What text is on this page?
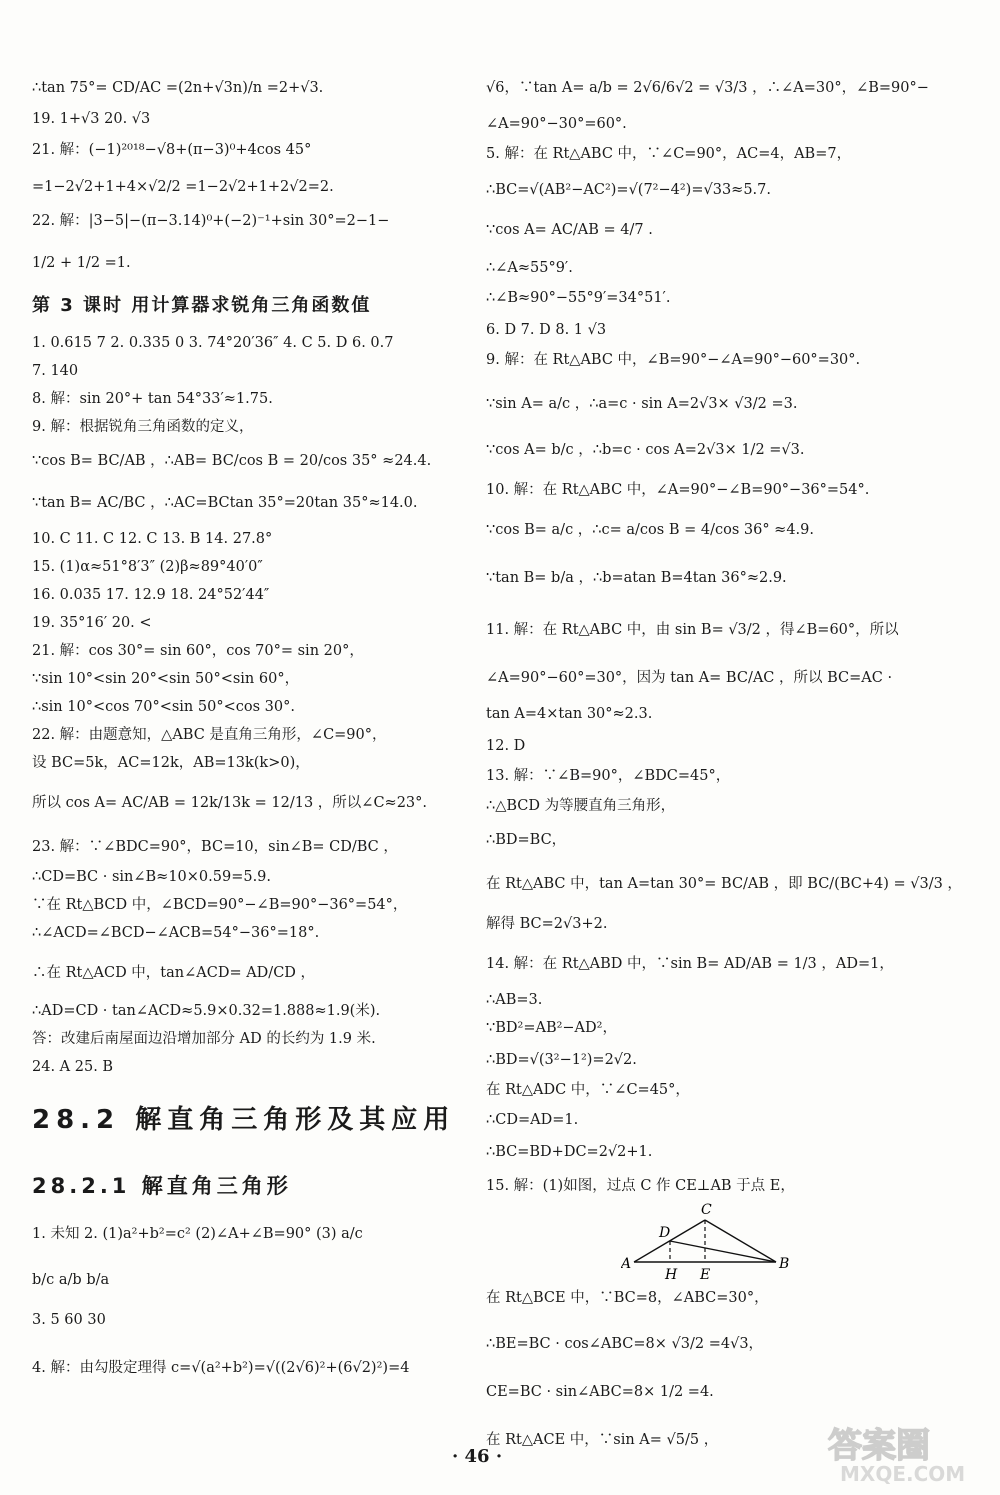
∴tan 75°= CD/AC =(2n+√3n)/n =2+√3.
19. 1+√3 20. √3
21. 解：(−1)²⁰¹⁸−√8+(π−3)⁰+4cos 45°
=1−2√2+1+4×√2/2 =1−2√2+1+2√2=2.
22. 解：|3−5|−(π−3.14)⁰+(−2)⁻¹+sin 30°=2−1−
1/2 + 1/2 =1.
第 3 课时 用计算器求锐角三角函数值
1. 0.615 7 2. 0.335 0 3. 74°20′36″ 4. C 5. D 6. 0.7
7. 140
8. 解：sin 20°+ tan 54°33′≈1.75.
9. 解：根据锐角三角函数的定义，
∵cos B= BC/AB ，∴AB= BC/cos B = 20/cos 35° ≈24.4.
∵tan B= AC/BC ，∴AC=BCtan 35°=20tan 35°≈14.0.
10. C 11. C 12. C 13. B 14. 27.8°
15. (1)α≈51°8′3″ (2)β≈89°40′0″
16. 0.035 17. 12.9 18. 24°52′44″
19. 35°16′ 20. <
21. 解：cos 30°= sin 60°，cos 70°= sin 20°，
∵sin 10°<sin 20°<sin 50°<sin 60°，
∴sin 10°<cos 70°<sin 50°<cos 30°.
22. 解：由题意知，△ABC 是直角三角形，∠C=90°，
设 BC=5k，AC=12k，AB=13k(k>0)，
所以 cos A= AC/AB = 12k/13k = 12/13 ，所以∠C≈23°.
23. 解：∵∠BDC=90°，BC=10，sin∠B= CD/BC ，
∴CD=BC · sin∠B≈10×0.59=5.9.
∵在 Rt△BCD 中，∠BCD=90°−∠B=90°−36°=54°，
∴∠ACD=∠BCD−∠ACB=54°−36°=18°.
∴在 Rt△ACD 中，tan∠ACD= AD/CD ，
∴AD=CD · tan∠ACD≈5.9×0.32=1.888≈1.9(米).
答：改建后南屋面边沿增加部分 AD 的长约为 1.9 米.
24. A 25. B
28.2 解直角三角形及其应用
28.2.1 解直角三角形
1. 未知 2. (1)a²+b²=c² (2)∠A+∠B=90° (3) a/c
b/c a/b b/a
3. 5 60 30
4. 解：由勾股定理得 c=√(a²+b²)=√((2√6)²+(6√2)²)=4
√6，∵tan A= a/b = 2√6/6√2 = √3/3 ，∴∠A=30°，∠B=90°−
∠A=90°−30°=60°.
5. 解：在 Rt△ABC 中，∵∠C=90°，AC=4，AB=7，
∴BC=√(AB²−AC²)=√(7²−4²)=√33≈5.7.
∵cos A= AC/AB = 4/7 .
∴∠A≈55°9′.
∴∠B≈90°−55°9′=34°51′.
6. D 7. D 8. 1 √3
9. 解：在 Rt△ABC 中，∠B=90°−∠A=90°−60°=30°.
∵sin A= a/c ，∴a=c · sin A=2√3× √3/2 =3.
∵cos A= b/c ，∴b=c · cos A=2√3× 1/2 =√3.
10. 解：在 Rt△ABC 中，∠A=90°−∠B=90°−36°=54°.
∵cos B= a/c ，∴c= a/cos B = 4/cos 36° ≈4.9.
∵tan B= b/a ，∴b=atan B=4tan 36°≈2.9.
11. 解：在 Rt△ABC 中，由 sin B= √3/2 ，得∠B=60°，所以
∠A=90°−60°=30°，因为 tan A= BC/AC ，所以 BC=AC ·
tan A=4×tan 30°≈2.3.
12. D
13. 解：∵∠B=90°，∠BDC=45°，
∴△BCD 为等腰直角三角形，
∴BD=BC，
在 Rt△ABC 中，tan A=tan 30°= BC/AB ，即 BC/(BC+4) = √3/3 ，
解得 BC=2√3+2.
14. 解：在 Rt△ABD 中，∵sin B= AD/AB = 1/3 ，AD=1，
∴AB=3.
∵BD²=AB²−AD²，
∴BD=√(3²−1²)=2√2.
在 Rt△ADC 中，∵∠C=45°，
∴CD=AD=1.
∴BC=BD+DC=2√2+1.
15. 解：(1)如图，过点 C 作 CE⊥AB 于点 E，
C
D
A	B
H E
在 Rt△BCE 中，∵BC=8，∠ABC=30°，
∴BE=BC · cos∠ABC=8× √3/2 =4√3，
CE=BC · sin∠ABC=8× 1/2 =4.
在 Rt△ACE 中，∵sin A= √5/5 ，
· 46 ·	答案圈
MXQE.COM
